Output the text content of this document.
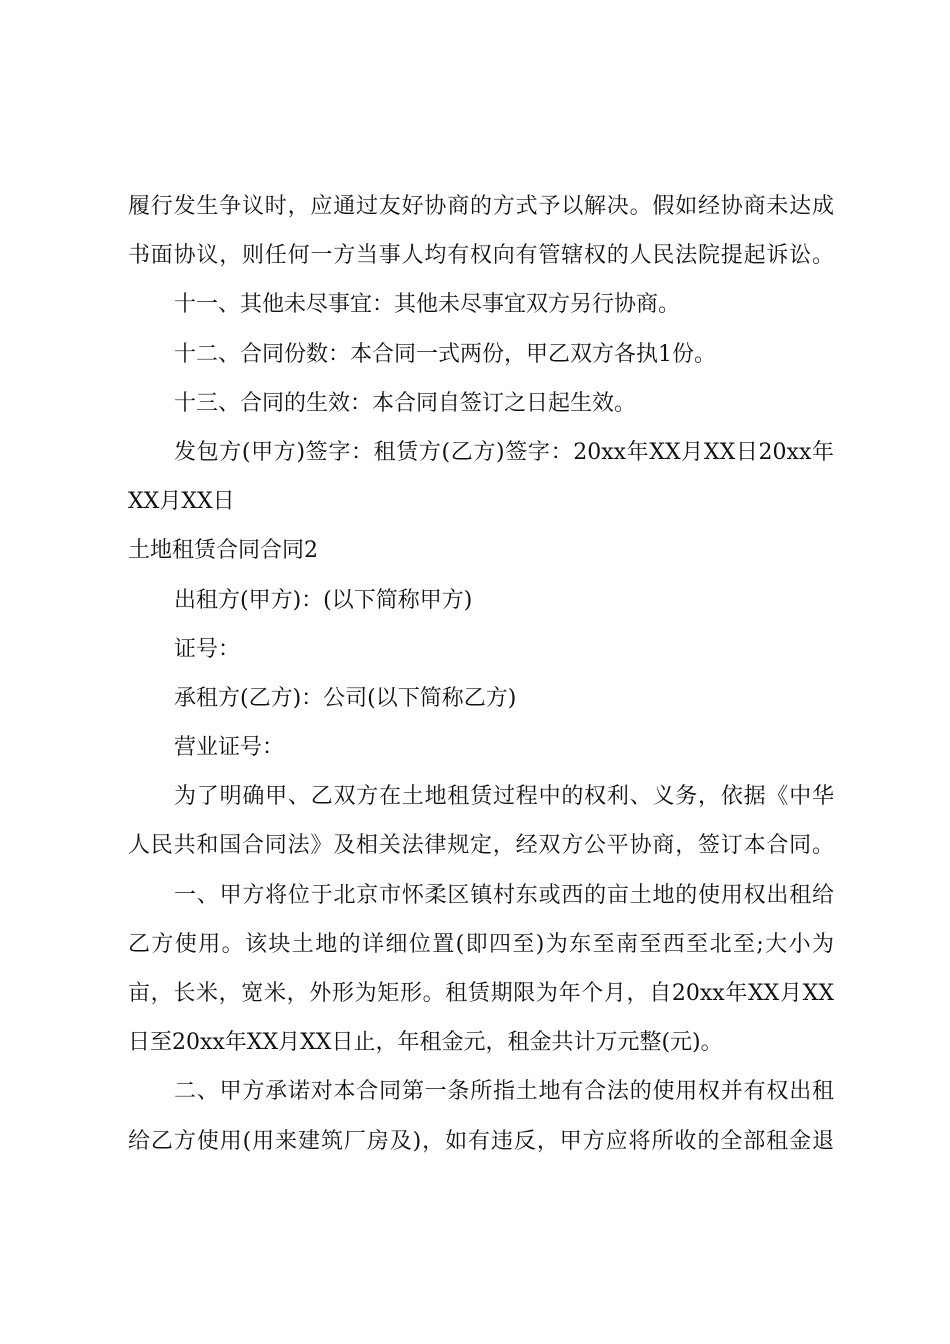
履行发生争议时，应通过友好协商的方式予以解决。假如经协商未达成
书面协议，则任何一方当事人均有权向有管辖权的人民法院提起诉讼。
十一、其他未尽事宜：其他未尽事宜双方另行协商。
十二、合同份数：本合同一式两份，甲乙双方各执1份。
十三、合同的生效：本合同自签订之日起生效。
发包方(甲方)签字：租赁方(乙方)签字：20xx年XX月XX日20xx年
XX月XX日
土地租赁合同合同2
出租方(甲方)：(以下简称甲方)
证号：
承租方(乙方)：公司(以下简称乙方)
营业证号：
为了明确甲、乙双方在土地租赁过程中的权利、义务，依据《中华
人民共和国合同法》及相关法律规定，经双方公平协商，签订本合同。
一、甲方将位于北京市怀柔区镇村东或西的亩土地的使用权出租给
乙方使用。该块土地的详细位置(即四至)为东至南至西至北至;大小为
亩，长米，宽米，外形为矩形。租赁期限为年个月，自20xx年XX月XX
日至20xx年XX月XX日止，年租金元，租金共计万元整(元)。
二、甲方承诺对本合同第一条所指土地有合法的使用权并有权出租
给乙方使用(用来建筑厂房及)，如有违反，甲方应将所收的全部租金退
